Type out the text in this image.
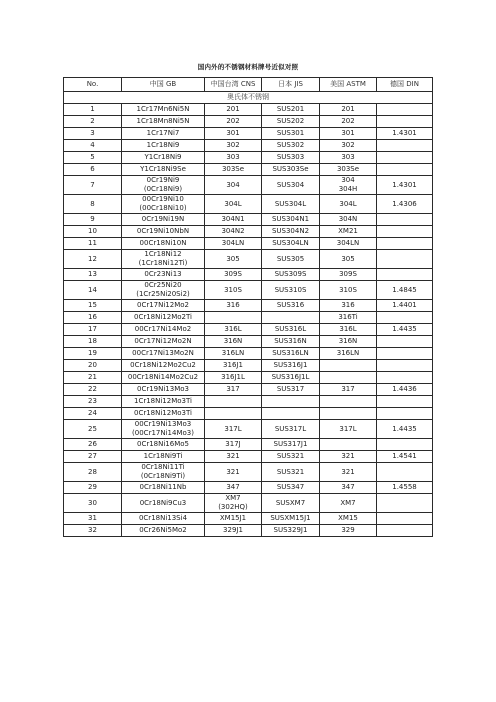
国内外的不锈钢材料牌号近似对照
No.	中国 GB	中国台湾 CNS	日本 JIS	美国 ASTM	德国 DIN
奥氏体不锈钢					
1	1Cr17Mn6Ni5N	201	SUS201	201	

2	1Cr18Mn8Ni5N	202	SUS202	202	

3	1Cr17Ni7	301	SUS301	301	1.4301

4	1Cr18Ni9	302	SUS302	302	

5	Y1Cr18Ni9	303	SUS303	303	

6	Y1Cr18Ni9Se	303Se	SUS303Se	303Se	

7	0Cr19Ni9
(0Cr18Ni9)	304	SUS304	304
304H	1.4301

8	00Cr19Ni10
(00Cr18Ni10)	304L	SUS304L	304L	1.4306

9	0Cr19Ni19N	304N1	SUS304N1	304N	

10	0Cr19Ni10NbN	304N2	SUS304N2	XM21	

11	00Cr18Ni10N	304LN	SUS304LN	304LN	

12	1Cr18Ni12
(1Cr18Ni12Ti)	305	SUS305	305	

13	0Cr23Ni13	309S	SUS309S	309S	

14	0Cr25Ni20
(1Cr25Ni20Si2)	310S	SUS310S	310S	1.4845

15	0Cr17Ni12Mo2	316	SUS316	316	1.4401

16	0Cr18Ni12Mo2Ti			316Ti	

17	00Cr17Ni14Mo2	316L	SUS316L	316L	1.4435

18	0Cr17Ni12Mo2N	316N	SUS316N	316N	

19	00Cr17Ni13Mo2N	316LN	SUS316LN	316LN	

20	0Cr18Ni12Mo2Cu2	316J1	SUS316J1		

21	00Cr18Ni14Mo2Cu2	316J1L	SUS316J1L		

22	0Cr19Ni13Mo3	317	SUS317	317	1.4436

23	1Cr18Ni12Mo3Ti				

24	0Cr18Ni12Mo3Ti				

25	00Cr19Ni13Mo3
(00Cr17Ni14Mo3)	317L	SUS317L	317L	1.4435

26	0Cr18Ni16Mo5	317J	SUS317J1		

27	1Cr18Ni9Ti	321	SUS321	321	1.4541

28	0Cr18Ni11Ti
(0Cr18Ni9Ti)	321	SUS321	321	

29	0Cr18Ni11Nb	347	SUS347	347	1.4558

30	0Cr18Ni9Cu3	XM7
(302HQ)	SUSXM7	XM7	

31	0Cr18Ni13Si4	XM15J1	SUSXM15J1	XM15	

32	0Cr26Ni5Mo2	329J1	SUS329J1	329	
